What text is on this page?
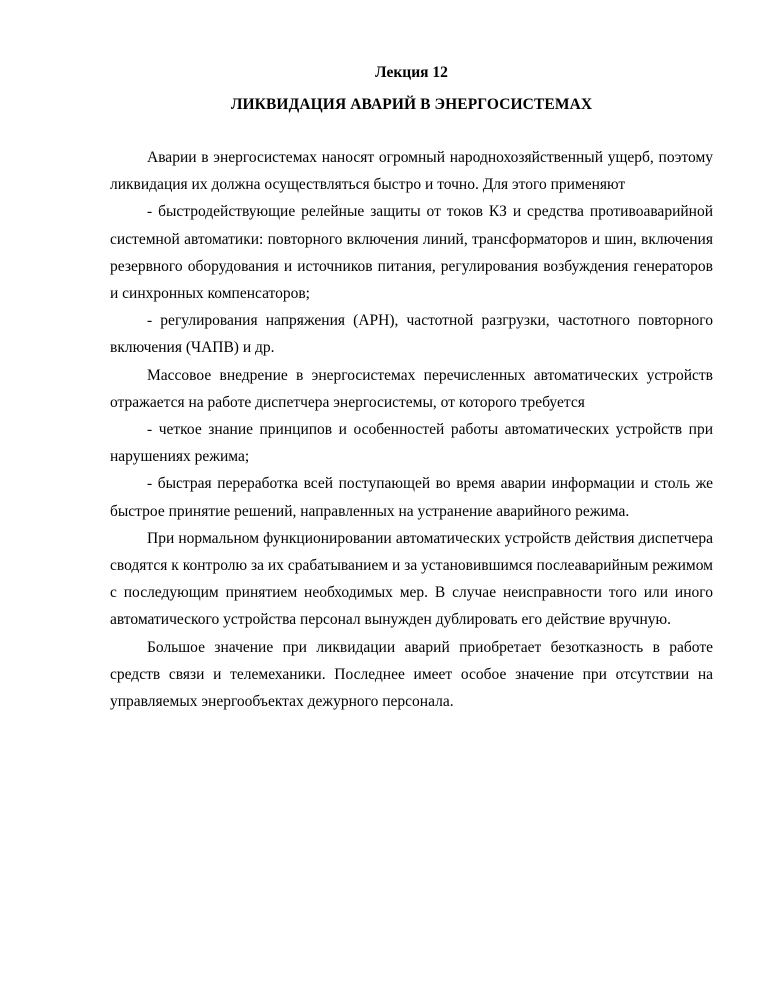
Лекция 12

ЛИКВИДАЦИЯ АВАРИЙ В ЭНЕРГОСИСТЕМАХ

Аварии в энергосистемах наносят огромный народнохозяйственный ущерб, поэтому ликвидация их должна осуществляться быстро и точно. Для этого применяют

- быстродействующие релейные защиты от токов КЗ и средства противоаварийной системной автоматики: повторного включения линий, трансформаторов и шин, включения резервного оборудования и источников питания, регулирования возбуждения генераторов и синхронных компенсаторов;

- регулирования напряжения (АРН), частотной разгрузки, частотного повторного включения (ЧАПВ) и др.

Массовое внедрение в энергосистемах перечисленных автоматических устройств отражается на работе диспетчера энергосистемы, от которого требуется

- четкое знание принципов и особенностей работы автоматических устройств при нарушениях режима;

- быстрая переработка всей поступающей во время аварии информации и столь же быстрое принятие решений, направленных на устранение аварийного режима.

При нормальном функционировании автоматических устройств действия диспетчера сводятся к контролю за их срабатыванием и за установившимся послеаварийным режимом с последующим принятием необходимых мер. В случае неисправности того или иного автоматического устройства персонал вынужден дублировать его действие вручную.

Большое значение при ликвидации аварий приобретает безотказность в работе средств связи и телемеханики. Последнее имеет особое значение при отсутствии на управляемых энергообъектах дежурного персонала.
